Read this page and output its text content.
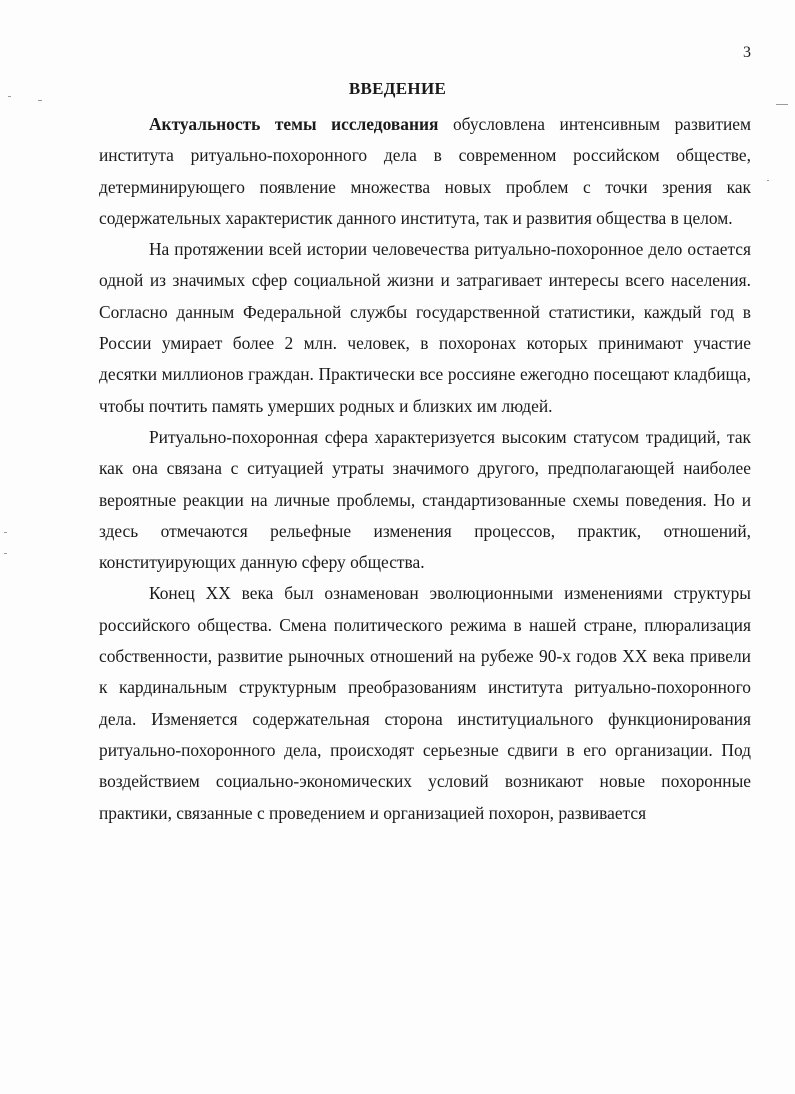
3
ВВЕДЕНИЕ

Актуальность темы исследования обусловлена интенсивным развитием института ритуально-похоронного дела в современном российском обществе, детерминирующего появление множества новых проблем с точки зрения как содержательных характеристик данного института, так и развития общества в целом.

На протяжении всей истории человечества ритуально-похоронное дело остается одной из значимых сфер социальной жизни и затрагивает интересы всего населения. Согласно данным Федеральной службы государственной статистики, каждый год в России умирает более 2 млн. человек, в похоронах которых принимают участие десятки миллионов граждан. Практически все россияне ежегодно посещают кладбища, чтобы почтить память умерших родных и близких им людей.

Ритуально-похоронная сфера характеризуется высоким статусом традиций, так как она связана с ситуацией утраты значимого другого, предполагающей наиболее вероятные реакции на личные проблемы, стандартизованные схемы поведения. Но и здесь отмечаются рельефные изменения процессов, практик, отношений, конституирующих данную сферу общества.

Конец XX века был ознаменован эволюционными изменениями структуры российского общества. Смена политического режима в нашей стране, плюрализация собственности, развитие рыночных отношений на рубеже 90-х годов XX века привели к кардинальным структурным преобразованиям института ритуально-похоронного дела. Изменяется содержательная сторона институциального функционирования ритуально-похоронного дела, происходят серьезные сдвиги в его организации. Под воздействием социально-экономических условий возникают новые похоронные практики, связанные с проведением и организацией похорон, развивается
